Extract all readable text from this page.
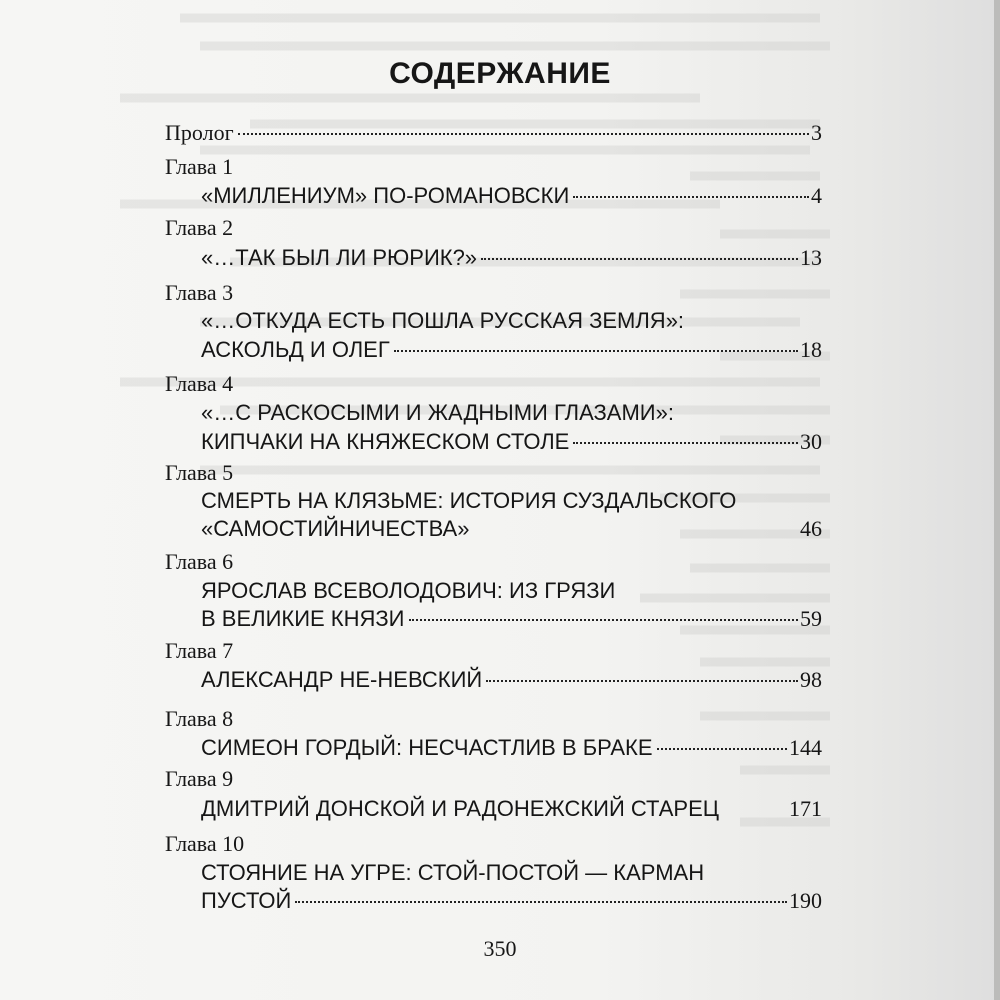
СОДЕРЖАНИЕ
Пролог	3
Глава 1
«МИЛЛЕНИУМ» ПО-РОМАНОВСКИ	4
Глава 2
«…ТАК БЫЛ ЛИ РЮРИК?»	13
Глава 3
«…ОТКУДА ЕСТЬ ПОШЛА РУССКАЯ ЗЕМЛЯ»:
АСКОЛЬД И ОЛЕГ	18
Глава 4
«…С РАСКОСЫМИ И ЖАДНЫМИ ГЛАЗАМИ»:
КИПЧАКИ НА КНЯЖЕСКОМ СТОЛЕ	30
Глава 5
СМЕРТЬ НА КЛЯЗЬМЕ: ИСТОРИЯ СУЗДАЛЬСКОГО
«САМОСТИЙНИЧЕСТВА»	46
Глава 6
ЯРОСЛАВ ВСЕВОЛОДОВИЧ: ИЗ ГРЯЗИ
В ВЕЛИКИЕ КНЯЗИ	59
Глава 7
АЛЕКСАНДР НЕ-НЕВСКИЙ	98
Глава 8
СИМЕОН ГОРДЫЙ: НЕСЧАСТЛИВ В БРАКЕ	144
Глава 9
ДМИТРИЙ ДОНСКОЙ И РАДОНЕЖСКИЙ СТАРЕЦ	171
Глава 10
СТОЯНИЕ НА УГРЕ: СТОЙ-ПОСТОЙ — КАРМАН
ПУСТОЙ	190
350
